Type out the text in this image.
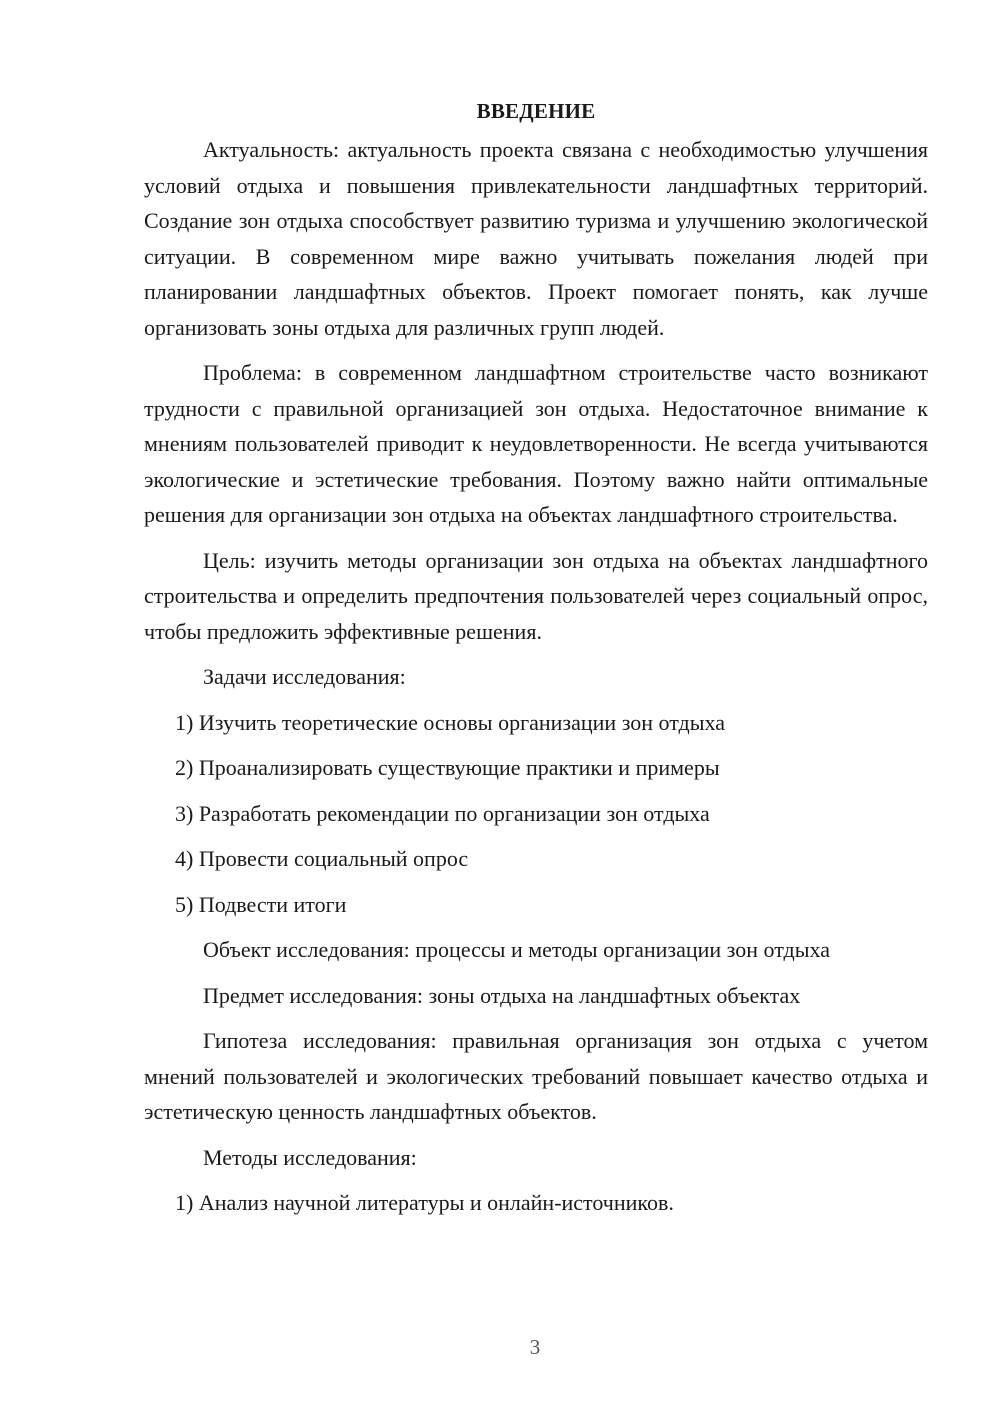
ВВЕДЕНИЕ

Актуальность: актуальность проекта связана с необходимостью улучшения условий отдыха и повышения привлекательности ландшафтных территорий. Создание зон отдыха способствует развитию туризма и улучшению экологической ситуации. В современном мире важно учитывать пожелания людей при планировании ландшафтных объектов. Проект помогает понять, как лучше организовать зоны отдыха для различных групп людей.

Проблема: в современном ландшафтном строительстве часто возникают трудности с правильной организацией зон отдыха. Недостаточное внимание к мнениям пользователей приводит к неудовлетворенности. Не всегда учитываются экологические и эстетические требования. Поэтому важно найти оптимальные решения для организации зон отдыха на объектах ландшафтного строительства.

Цель: изучить методы организации зон отдыха на объектах ландшафтного строительства и определить предпочтения пользователей через социальный опрос, чтобы предложить эффективные решения.

Задачи исследования:

1) Изучить теоретические основы организации зон отдыха

2) Проанализировать существующие практики и примеры

3) Разработать рекомендации по организации зон отдыха

4) Провести социальный опрос

5) Подвести итоги

Объект исследования: процессы и методы организации зон отдыха

Предмет исследования: зоны отдыха на ландшафтных объектах

Гипотеза исследования: правильная организация зон отдыха с учетом мнений пользователей и экологических требований повышает качество отдыха и эстетическую ценность ландшафтных объектов.

Методы исследования:

1) Анализ научной литературы и онлайн-источников.

3
